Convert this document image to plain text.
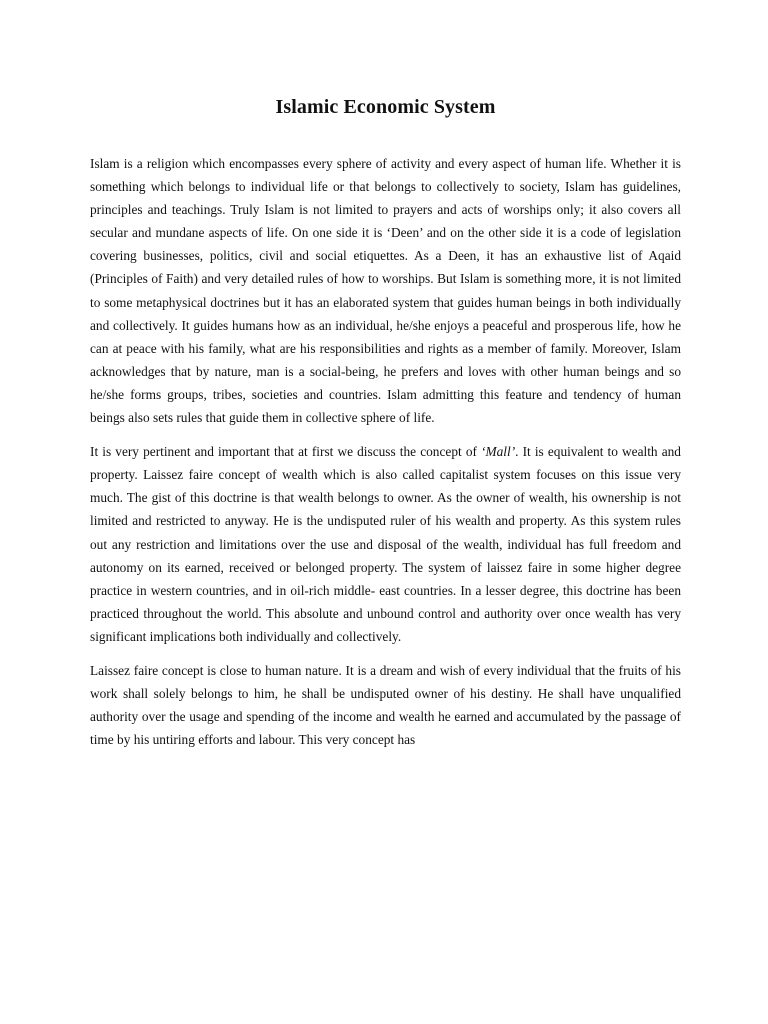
Islamic Economic System

Islam is a religion which encompasses every sphere of activity and every aspect of human life. Whether it is something which belongs to individual life or that belongs to collectively to society, Islam has guidelines, principles and teachings. Truly Islam is not limited to prayers and acts of worships only; it also covers all secular and mundane aspects of life. On one side it is ‘Deen’ and on the other side it is a code of legislation covering businesses, politics, civil and social etiquettes. As a Deen, it has an exhaustive list of Aqaid (Principles of Faith) and very detailed rules of how to worships. But Islam is something more, it is not limited to some metaphysical doctrines but it has an elaborated system that guides human beings in both individually and collectively. It guides humans how as an individual, he/she enjoys a peaceful and prosperous life, how he can at peace with his family, what are his responsibilities and rights as a member of family. Moreover, Islam acknowledges that by nature, man is a social-being, he prefers and loves with other human beings and so he/she forms groups, tribes, societies and countries. Islam admitting this feature and tendency of human beings also sets rules that guide them in collective sphere of life.

It is very pertinent and important that at first we discuss the concept of ‘Mall’. It is equivalent to wealth and property. Laissez faire concept of wealth which is also called capitalist system focuses on this issue very much. The gist of this doctrine is that wealth belongs to owner. As the owner of wealth, his ownership is not limited and restricted to anyway. He is the undisputed ruler of his wealth and property. As this system rules out any restriction and limitations over the use and disposal of the wealth, individual has full freedom and autonomy on its earned, received or belonged property. The system of laissez faire in some higher degree practice in western countries, and in oil-rich middle- east countries. In a lesser degree, this doctrine has been practiced throughout the world. This absolute and unbound control and authority over once wealth has very significant implications both individually and collectively.

Laissez faire concept is close to human nature. It is a dream and wish of every individual that the fruits of his work shall solely belongs to him, he shall be undisputed owner of his destiny. He shall have unqualified authority over the usage and spending of the income and wealth he earned and accumulated by the passage of time by his untiring efforts and labour. This very concept has
